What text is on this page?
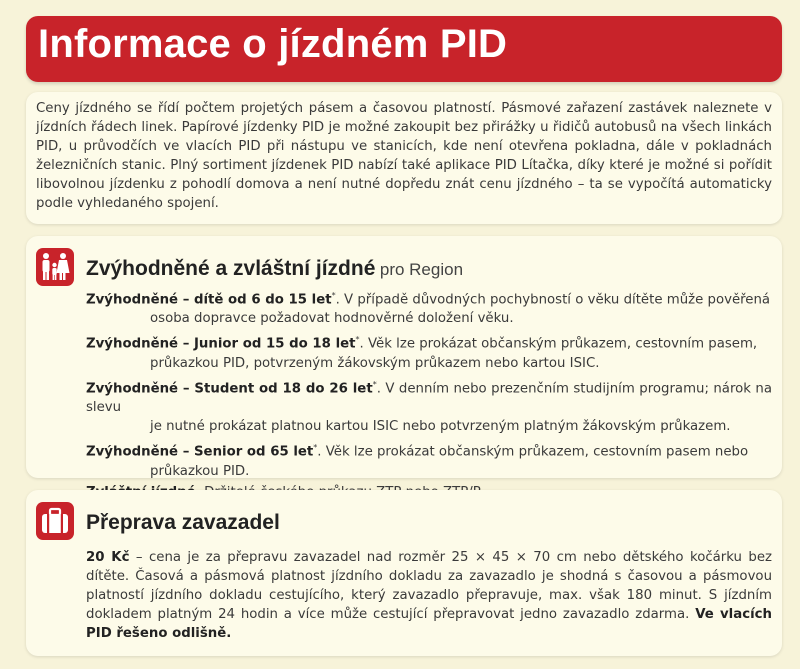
Informace o jízdném PID

Ceny jízdného se řídí počtem projetých pásem a časovou platností. Pásmové zařazení zastávek naleznete v jízdních řádech linek. Papírové jízdenky PID je možné zakoupit bez přirážky u řidičů autobusů na všech linkách PID, u průvodčích ve vlacích PID při nástupu ve stanicích, kde není otevřena pokladna, dále v pokladnách železničních stanic. Plný sortiment jízdenek PID nabízí také aplikace PID Lítačka, díky které je možné si pořídit libovolnou jízdenku z pohodlí domova a není nutné dopředu znát cenu jízdného – ta se vypočítá automaticky podle vyhledaného spojení.

Zvýhodněné a zvláštní jízdné pro Region
Zvýhodněné – dítě od 6 do 15 let*. V případě důvodných pochybností o věku dítěte může pověřená
osoba dopravce požadovat hodnověrné doložení věku.
Zvýhodněné – Junior od 15 do 18 let*. Věk lze prokázat občanským průkazem, cestovním pasem,
průkazkou PID, potvrzeným žákovským průkazem nebo kartou ISIC.
Zvýhodněné – Student od 18 do 26 let*. V denním nebo prezenčním studijním programu; nárok na slevu
je nutné prokázat platnou kartou ISIC nebo potvrzeným platným žákovským průkazem.
Zvýhodněné – Senior od 65 let*. Věk lze prokázat občanským průkazem, cestovním pasem nebo
průkazkou PID.
Přeprava zavazadel
20 Kč – cena je za přepravu zavazadel nad rozměr 25 × 45 × 70 cm nebo dětského kočárku bez dítěte. Časová a pásmová platnost jízdního dokladu za zavazadlo je shodná s časovou a pásmovou platností jízdního dokladu cestujícího, který zavazadlo přepravuje, max. však 180 minut. S jízdním dokladem platným 24 hodin a více může cestující přepravovat jedno zavazadlo zdarma. Ve vlacích PID řešeno odlišně.
